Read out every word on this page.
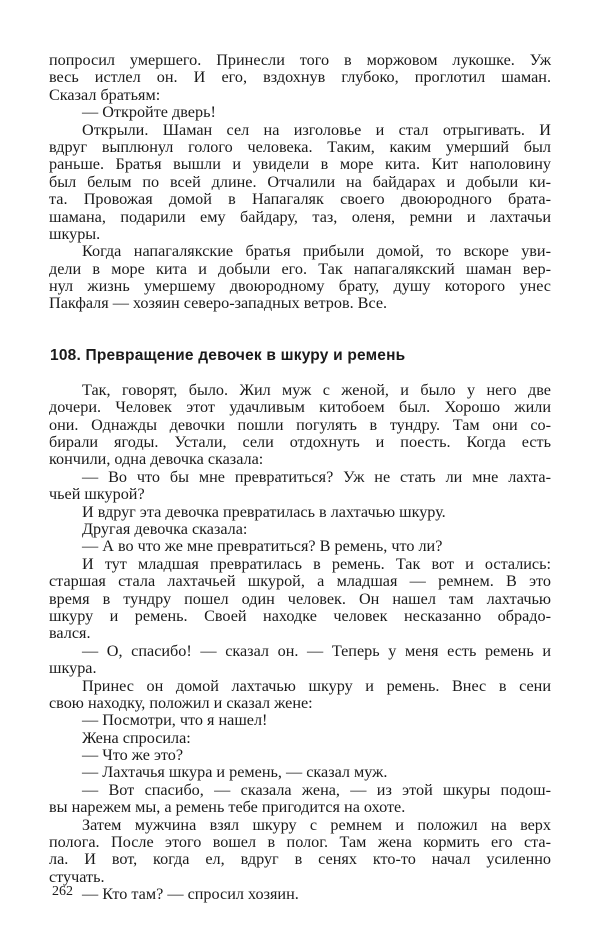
попросил умершего. Принесли того в моржовом лукошке. Уж
весь истлел он. И его, вздохнув глубоко, проглотил шаман.
Сказал братьям:
— Откройте дверь!
Открыли. Шаман сел на изголовье и стал отрыгивать. И
вдруг выплюнул голого человека. Таким, каким умерший был
раньше. Братья вышли и увидели в море кита. Кит наполовину
был белым по всей длине. Отчалили на байдарах и добыли ки-
та. Провожая домой в Напагаляк своего двоюродного брата-
шамана, подарили ему байдару, таз, оленя, ремни и лахтачьи
шкуры.
Когда напагалякские братья прибыли домой, то вскоре уви-
дели в море кита и добыли его. Так напагалякский шаман вер-
нул жизнь умершему двоюродному брату, душу которого унес
Пакфаля — хозяин северо-западных ветров. Все.
108. Превращение девочек в шкуру и ремень
Так, говорят, было. Жил муж с женой, и было у него две
дочери. Человек этот удачливым китобоем был. Хорошо жили
они. Однажды девочки пошли погулять в тундру. Там они со-
бирали ягоды. Устали, сели отдохнуть и поесть. Когда есть
кончили, одна девочка сказала:
— Во что бы мне превратиться? Уж не стать ли мне лахта-
чьей шкурой?
И вдруг эта девочка превратилась в лахтачью шкуру.
Другая девочка сказала:
— А во что же мне превратиться? В ремень, что ли?
И тут младшая превратилась в ремень. Так вот и остались:
старшая стала лахтачьей шкурой, а младшая — ремнем. В это
время в тундру пошел один человек. Он нашел там лахтачью
шкуру и ремень. Своей находке человек несказанно обрадо-
вался.
— О, спасибо! — сказал он. — Теперь у меня есть ремень и
шкура.
Принес он домой лахтачью шкуру и ремень. Внес в сени
свою находку, положил и сказал жене:
— Посмотри, что я нашел!
Жена спросила:
— Что же это?
— Лахтачья шкура и ремень, — сказал муж.
— Вот спасибо, — сказала жена, — из этой шкуры подош-
вы нарежем мы, а ремень тебе пригодится на охоте.
Затем мужчина взял шкуру с ремнем и положил на верх
полога. После этого вошел в полог. Там жена кормить его ста-
ла. И вот, когда ел, вдруг в сенях кто-то начал усиленно
стучать.
— Кто там? — спросил хозяин.
262
